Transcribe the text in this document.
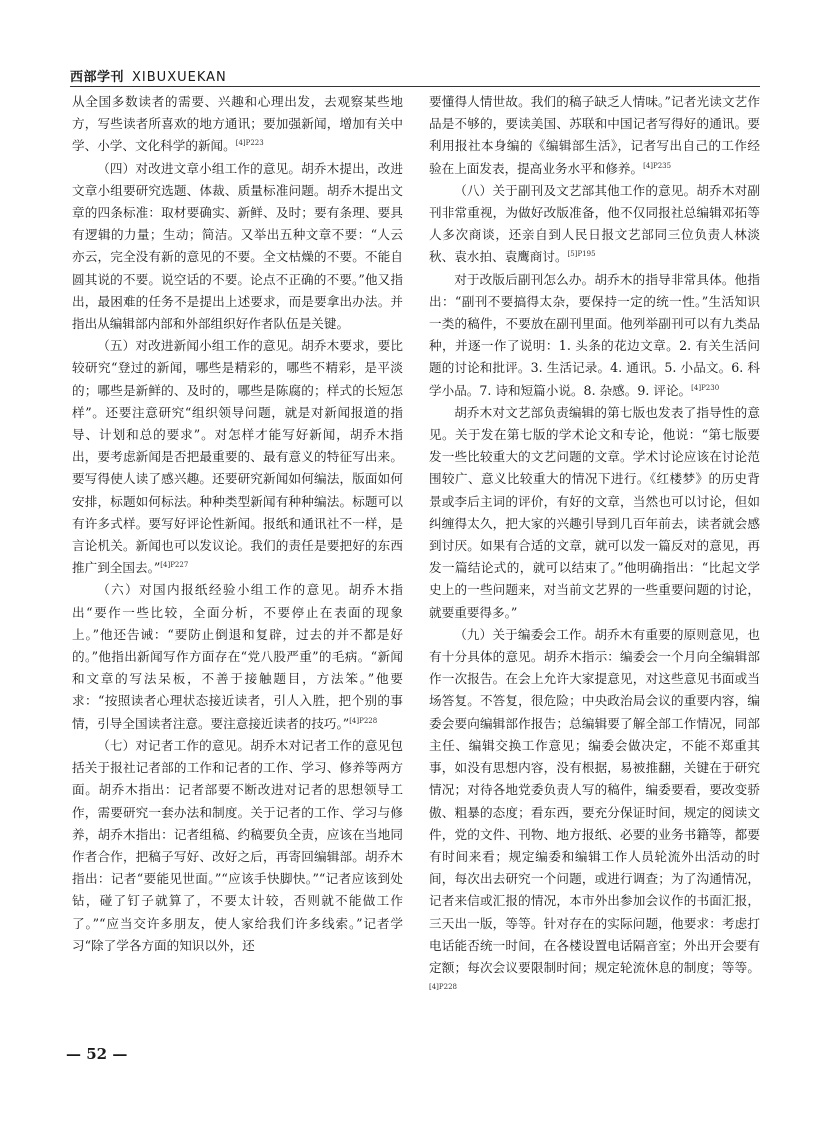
西部学刊 XIBUXUEKAN

从全国多数读者的需要、兴趣和心理出发，去观察某些地方，写些读者所喜欢的地方通讯；要加强新闻，增加有关中学、小学、文化科学的新闻。$^{[4]P223}$

（四）对改进文章小组工作的意见。胡乔木提出，改进文章小组要研究选题、体裁、质量标准问题。胡乔木提出文章的四条标准：取材要确实、新鲜、及时；要有条理、要具有逻辑的力量；生动；简洁。又举出五种文章不要：“人云亦云，完全没有新的意见的不要。全文枯燥的不要。不能自圆其说的不要。说空话的不要。论点不正确的不要。”他又指出，最困难的任务不是提出上述要求，而是要拿出办法。并指出从编辑部内部和外部组织好作者队伍是关键。

（五）对改进新闻小组工作的意见。胡乔木要求，要比较研究“登过的新闻，哪些是精彩的，哪些不精彩，是平淡的；哪些是新鲜的、及时的，哪些是陈腐的；样式的长短怎样”。还要注意研究“组织领导问题，就是对新闻报道的指导、计划和总的要求”。对怎样才能写好新闻，胡乔木指出，要考虑新闻是否把最重要的、最有意义的特征写出来。要写得使人读了感兴趣。还要研究新闻如何编法，版面如何安排，标题如何标法。种种类型新闻有种种编法。标题可以有许多式样。要写好评论性新闻。报纸和通讯社不一样，是言论机关。新闻也可以发议论。我们的责任是要把好的东西推广到全国去。”$^{[4]P227}$

（六）对国内报纸经验小组工作的意见。胡乔木指出“要作一些比较，全面分析，不要停止在表面的现象上。”他还告诫：“要防止倒退和复辟，过去的并不都是好的。”他指出新闻写作方面存在“党八股严重”的毛病。“新闻和文章的写法呆板，不善于接触题目，方法笨。”他要求：“按照读者心理状态接近读者，引人入胜，把个别的事情，引导全国读者注意。要注意接近读者的技巧。”$^{[4]P228}$

（七）对记者工作的意见。胡乔木对记者工作的意见包括关于报社记者部的工作和记者的工作、学习、修养等两方面。胡乔木指出：记者部要不断改进对记者的思想领导工作，需要研究一套办法和制度。关于记者的工作、学习与修养，胡乔木指出：记者组稿、约稿要负全责，应该在当地同作者合作，把稿子写好、改好之后，再寄回编辑部。胡乔木指出：记者“要能见世面。”“应该手快脚快。”“记者应该到处钻，碰了钉子就算了，不要太计较，否则就不能做工作了。”“应当交许多朋友，使人家给我们许多线索。”记者学习“除了学各方面的知识以外，还

要懂得人情世故。我们的稿子缺乏人情味。”记者光读文艺作品是不够的，要读美国、苏联和中国记者写得好的通讯。要利用报社本身编的《编辑部生活》，记者写出自己的工作经验在上面发表，提高业务水平和修养。$^{[4]P235}$

（八）关于副刊及文艺部其他工作的意见。胡乔木对副刊非常重视，为做好改版准备，他不仅同报社总编辑邓拓等人多次商谈，还亲自到人民日报文艺部同三位负责人林淡秋、袁水拍、袁鹰商讨。$^{[5]P195}$

对于改版后副刊怎么办。胡乔木的指导非常具体。他指出：“副刊不要搞得太杂，要保持一定的统一性。”生活知识一类的稿件，不要放在副刊里面。他列举副刊可以有九类品种，并逐一作了说明：1. 头条的花边文章。2. 有关生活问题的讨论和批评。3. 生活记录。4. 通讯。5. 小品文。6. 科学小品。7. 诗和短篇小说。8. 杂感。9. 评论。$^{[4]P230}$

胡乔木对文艺部负责编辑的第七版也发表了指导性的意见。关于发在第七版的学术论文和专论，他说：“第七版要发一些比较重大的文艺问题的文章。学术讨论应该在讨论范围较广、意义比较重大的情况下进行。《红楼梦》的历史背景或李后主词的评价，有好的文章，当然也可以讨论，但如纠缠得太久，把大家的兴趣引导到几百年前去，读者就会感到讨厌。如果有合适的文章，就可以发一篇反对的意见，再发一篇结论式的，就可以结束了。”他明确指出：“比起文学史上的一些问题来，对当前文艺界的一些重要问题的讨论，就要重要得多。”

（九）关于编委会工作。胡乔木有重要的原则意见，也有十分具体的意见。胡乔木指示：编委会一个月向全编辑部作一次报告。在会上允许大家提意见，对这些意见书面或当场答复。不答复，很危险；中央政治局会议的重要内容，编委会要向编辑部作报告；总编辑要了解全部工作情况，同部主任、编辑交换工作意见；编委会做决定，不能不郑重其事，如没有思想内容，没有根据，易被推翻，关键在于研究情况；对待各地党委负责人写的稿件，编委要看，要改变骄傲、粗暴的态度；看东西，要充分保证时间，规定的阅读文件，党的文件、刊物、地方报纸、必要的业务书籍等，都要有时间来看；规定编委和编辑工作人员轮流外出活动的时间，每次出去研究一个问题，或进行调查；为了沟通情况，记者来信或汇报的情况，本市外出参加会议作的书面汇报，三天出一版，等等。针对存在的实际问题，他要求：考虑打电话能否统一时间，在各楼设置电话隔音室；外出开会要有定额；每次会议要限制时间；规定轮流休息的制度；等等。$^{[4]P228}$

— 52 —
